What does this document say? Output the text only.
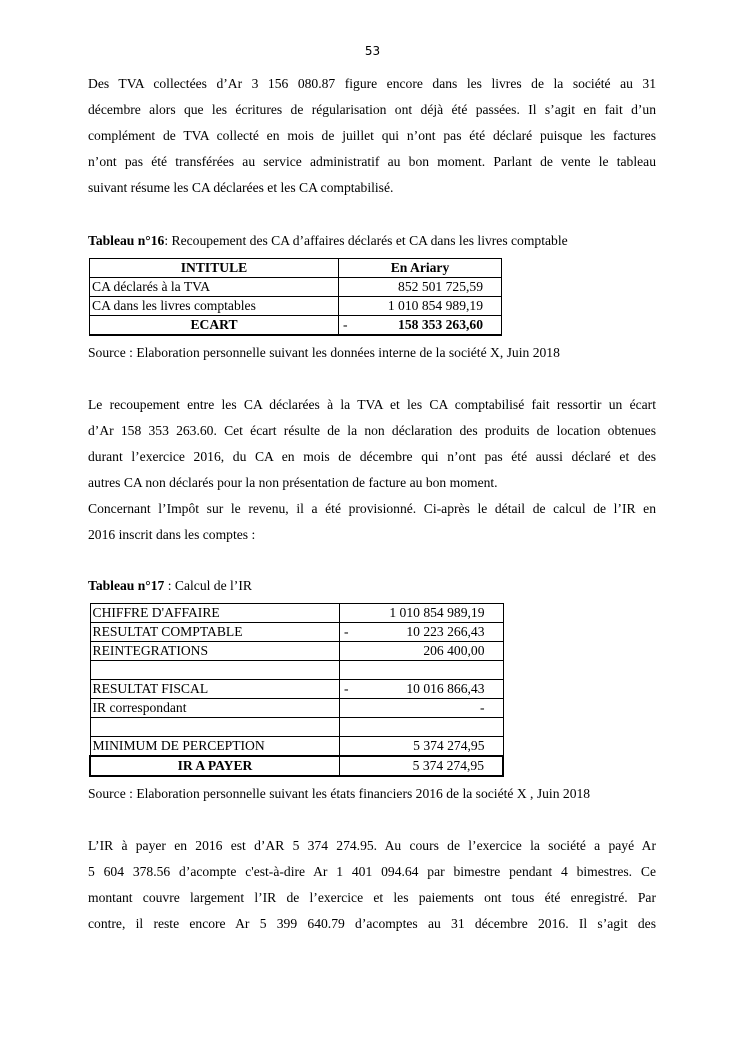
53
Des TVA collectées d’Ar 3 156 080.87 figure encore dans les livres de la société au 31
décembre alors que les écritures de régularisation ont déjà été passées. Il s’agit en fait d’un
complément de TVA collecté en mois de juillet qui n’ont pas été déclaré puisque les factures
n’ont pas été transférées au service administratif au bon moment. Parlant de vente le tableau
suivant résume les CA déclarées et les CA comptabilisé.
Tableau n°16: Recoupement des CA d’affaires déclarés et CA dans les livres comptable
INTITULE	En Ariary
CA déclarés à la TVA	852 501 725,59
CA dans les livres comptables	1 010 854 989,19
ECART	- 158 353 263,60
Source : Elaboration personnelle suivant les données interne de la société X, Juin 2018
Le recoupement entre les CA déclarées à la TVA et les CA comptabilisé fait ressortir un écart
d’Ar 158 353 263.60. Cet écart résulte de la non déclaration des produits de location obtenues
durant l’exercice 2016, du CA en mois de décembre qui n’ont pas été aussi déclaré et des
autres CA non déclarés pour la non présentation de facture au bon moment.
Concernant l’Impôt sur le revenu, il a été provisionné. Ci-après le détail de calcul de l’IR en
2016 inscrit dans les comptes :
Tableau n°17 : Calcul de l’IR
CHIFFRE D'AFFAIRE	1 010 854 989,19
RESULTAT COMPTABLE	- 10 223 266,43
REINTEGRATIONS	206 400,00

RESULTAT FISCAL	- 10 016 866,43
IR correspondant	-

MINIMUM DE PERCEPTION	5 374 274,95
IR A PAYER	5 374 274,95
Source : Elaboration personnelle suivant les états financiers 2016 de la société X , Juin 2018
L’IR à payer en 2016 est d’AR 5 374 274.95. Au cours de l’exercice la société a payé Ar
5 604 378.56 d’acompte c'est-à-dire Ar 1 401 094.64 par bimestre pendant 4 bimestres. Ce
montant couvre largement l’IR de l’exercice et les paiements ont tous été enregistré. Par
contre, il reste encore Ar 5 399 640.79 d’acomptes au 31 décembre 2016. Il s’agit des
